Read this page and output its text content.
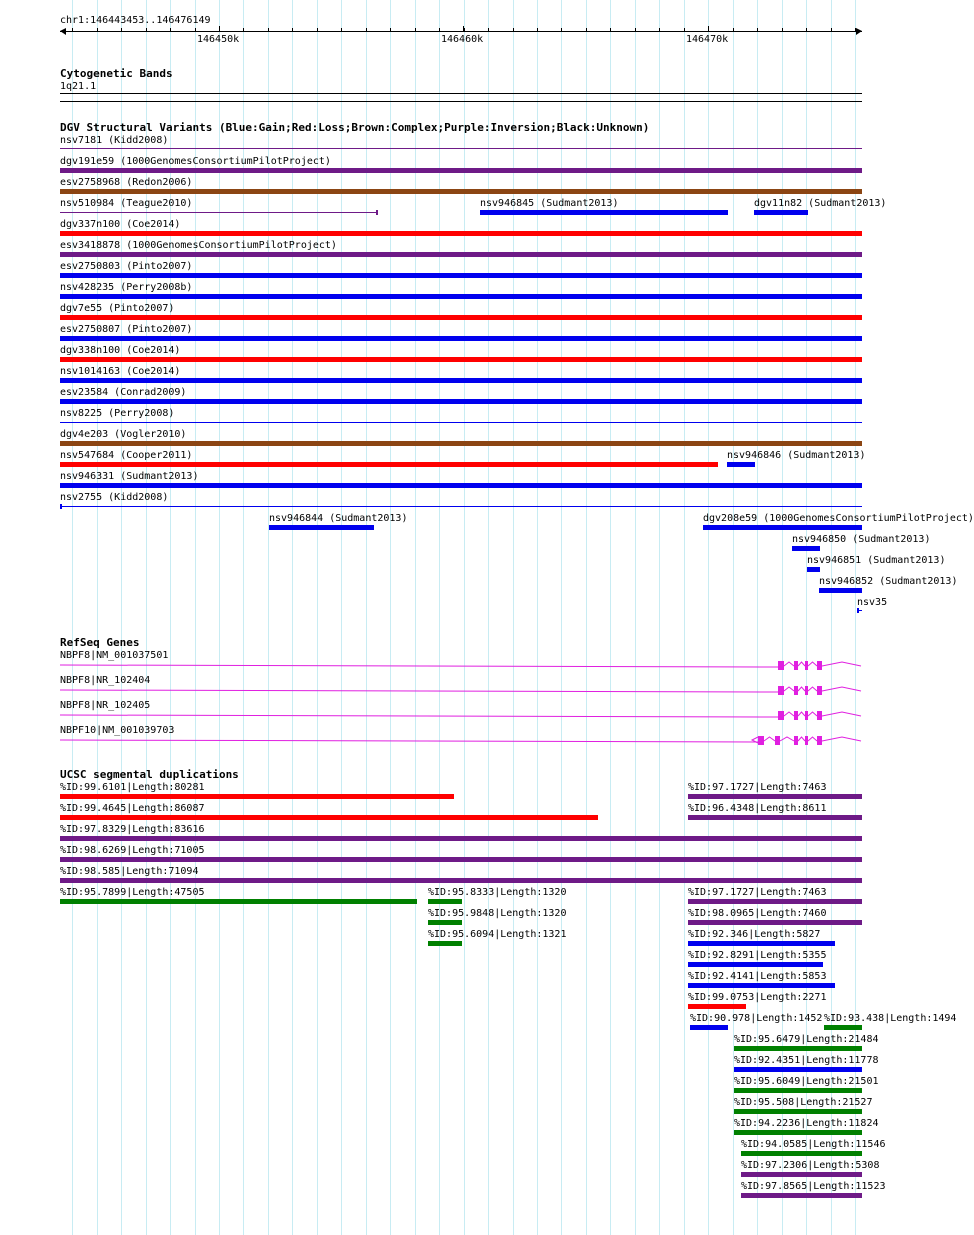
chr1:146443453..146476149
146450k	146460k	146470k
Cytogenetic Bands
1q21.1
DGV Structural Variants (Blue:Gain;Red:Loss;Brown:Complex;Purple:Inversion;Black:Unknown)
nsv7181 (Kidd2008)
dgv191e59 (1000GenomesConsortiumPilotProject)
esv2758968 (Redon2006)
nsv510984 (Teague2010)	nsv946845 (Sudmant2013)	dgv11n82 (Sudmant2013)
dgv337n100 (Coe2014)
esv3418878 (1000GenomesConsortiumPilotProject)
esv2750803 (Pinto2007)
nsv428235 (Perry2008b)
dgv7e55 (Pinto2007)
esv2750807 (Pinto2007)
dgv338n100 (Coe2014)
nsv1014163 (Coe2014)
esv23584 (Conrad2009)
nsv8225 (Perry2008)
dgv4e203 (Vogler2010)
nsv547684 (Cooper2011)	nsv946846 (Sudmant2013)
nsv946331 (Sudmant2013)
nsv2755 (Kidd2008)
nsv946844 (Sudmant2013)	dgv208e59 (1000GenomesConsortiumPilotProject)
nsv946850 (Sudmant2013)
nsv946851 (Sudmant2013)
nsv946852 (Sudmant2013)
nsv35
RefSeq Genes
NBPF8|NM_001037501
NBPF8|NR_102404
NBPF8|NR_102405
NBPF10|NM_001039703
UCSC segmental duplications
%ID:99.6101|Length:80281	%ID:97.1727|Length:7463
%ID:99.4645|Length:86087	%ID:96.4348|Length:8611
%ID:97.8329|Length:83616
%ID:98.6269|Length:71005
%ID:98.585|Length:71094
%ID:95.7899|Length:47505	%ID:95.8333|Length:1320	%ID:97.1727|Length:7463
%ID:95.9848|Length:1320	%ID:98.0965|Length:7460
%ID:95.6094|Length:1321	%ID:92.346|Length:5827
%ID:92.8291|Length:5355
%ID:92.4141|Length:5853
%ID:99.0753|Length:2271
%ID:90.978|Length:1452 %ID:93.438|Length:1494
%ID:95.6479|Length:21484
%ID:92.4351|Length:11778
%ID:95.6049|Length:21501
%ID:95.508|Length:21527
%ID:94.2236|Length:11824
%ID:94.0585|Length:11546
%ID:97.2306|Length:5308
%ID:97.8565|Length:11523
